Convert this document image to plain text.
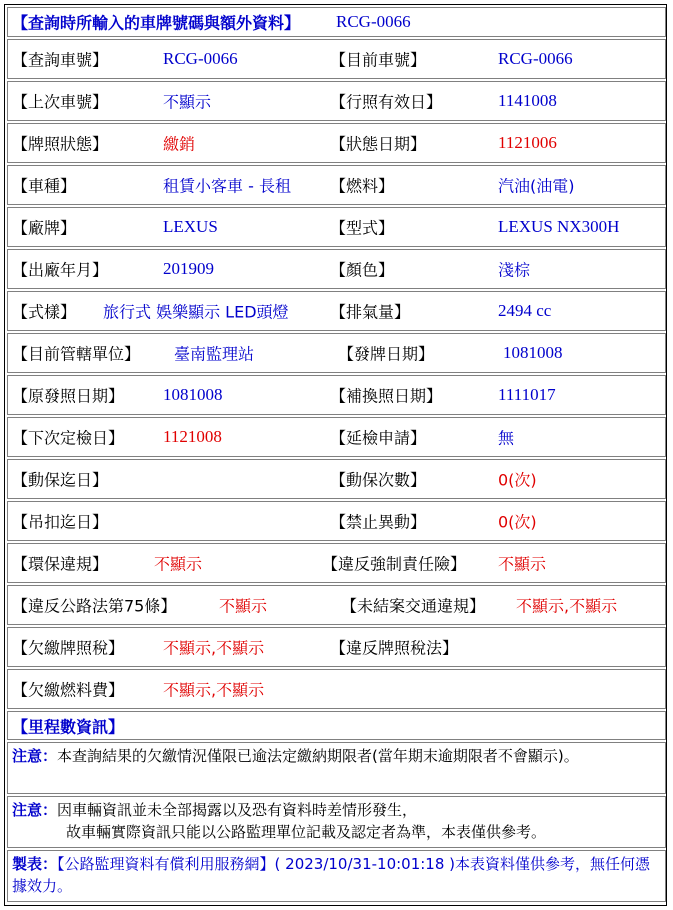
【查詢時所輸入的車牌號碼與額外資料】 RCG-0066
【查詢車號】	RCG-0066	【目前車號】	RCG-0066
【上次車號】	不顯示	【行照有效日】	1141008
【牌照狀態】	繳銷	【狀態日期】	1121006
【車種】	租賃小客車 - 長租 【燃料】	汽油(油電)
【廠牌】	LEXUS	【型式】	LEXUS NX300H
【出廠年月】	201909	【顏色】	淺棕
【式樣】 旅行式 娛樂顯示 LED頭燈	【排氣量】	2494 cc
【目前管轄單位】 臺南監理站	【發牌日期】	1081008
【原發照日期】 1081008	【補換照日期】	1111017
【下次定檢日】 1121008	【延檢申請】	無
【動保迄日】	【動保次數】	0(次)
【吊扣迄日】	【禁止異動】	0(次)
【環保違規】	不顯示	【違反強制責任險】 不顯示
【違反公路法第75條】	不顯示	【未結案交通違規】 不顯示,不顯示
【欠繳牌照稅】 不顯示,不顯示	【違反牌照稅法】
【欠繳燃料費】 不顯示,不顯示
【里程數資訊】
注意：本查詢結果的欠繳情況僅限已逾法定繳納期限者(當年期末逾期限者不會顯示)。
注意：因車輛資訊並未全部揭露以及恐有資料時差情形發生，
故車輛實際資訊只能以公路監理單位記載及認定者為準，本表僅供參考。
製表：【公路監理資料有償利用服務網】( 2023/10/31-10:01:18 )本表資料僅供參考，無任何憑據效力。
